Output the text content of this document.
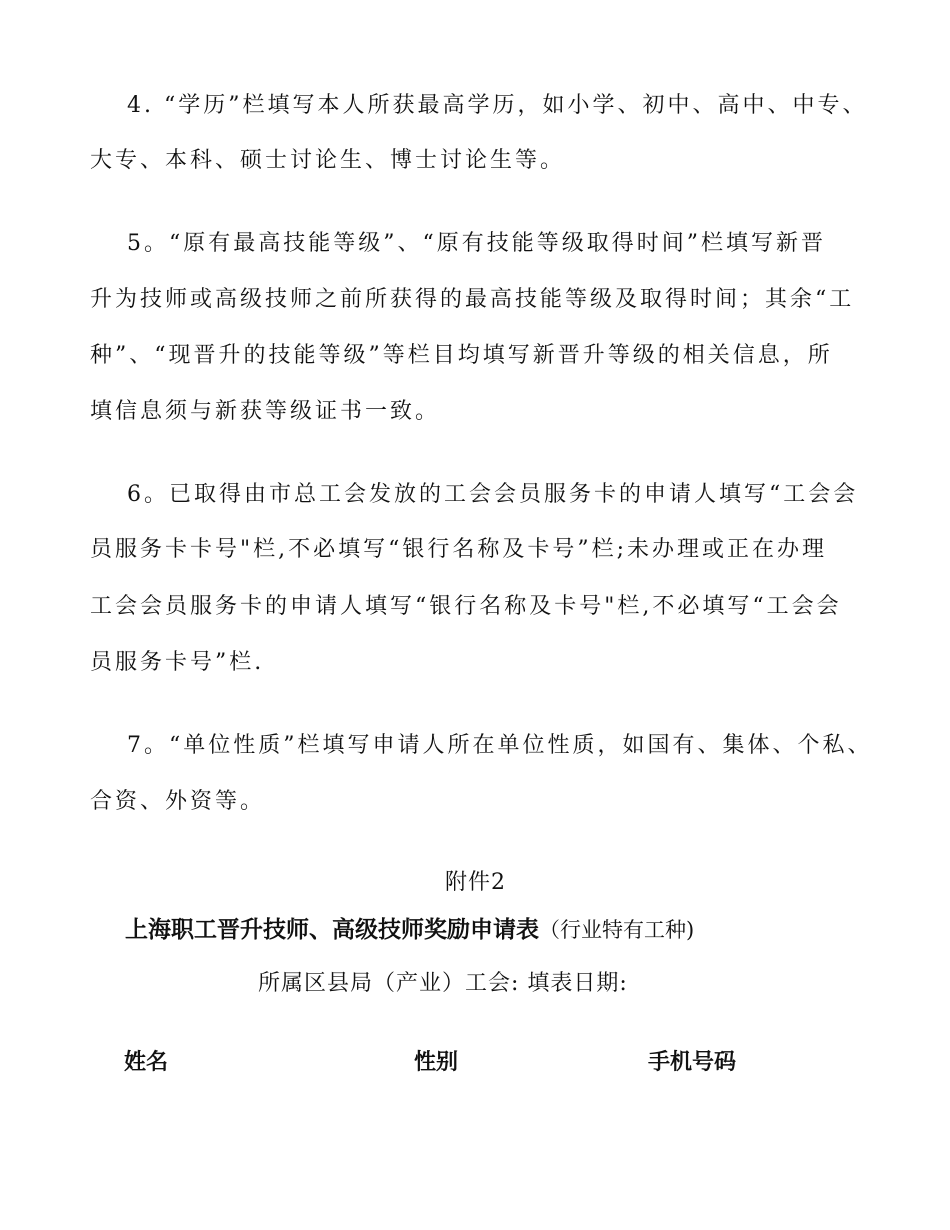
4. “学历”栏填写本人所获最高学历，如小学、初中、高中、中专、
大专、本科、硕士讨论生、博士讨论生等。
5。“原有最高技能等级”、“原有技能等级取得时间”栏填写新晋
升为技师或高级技师之前所获得的最高技能等级及取得时间；其余“工
种”、“现晋升的技能等级”等栏目均填写新晋升等级的相关信息，所
填信息须与新获等级证书一致。
6。已取得由市总工会发放的工会会员服务卡的申请人填写“工会会
员服务卡卡号"栏,不必填写“银行名称及卡号”栏;未办理或正在办理
工会会员服务卡的申请人填写“银行名称及卡号"栏,不必填写“工会会
员服务卡号”栏.
7。“单位性质”栏填写申请人所在单位性质，如国有、集体、个私、
合资、外资等。
附件2
上海职工晋升技师、高级技师奖励申请表（行业特有工种)
所属区县局（产业）工会: 填表日期:
姓名	性别	手机号码
